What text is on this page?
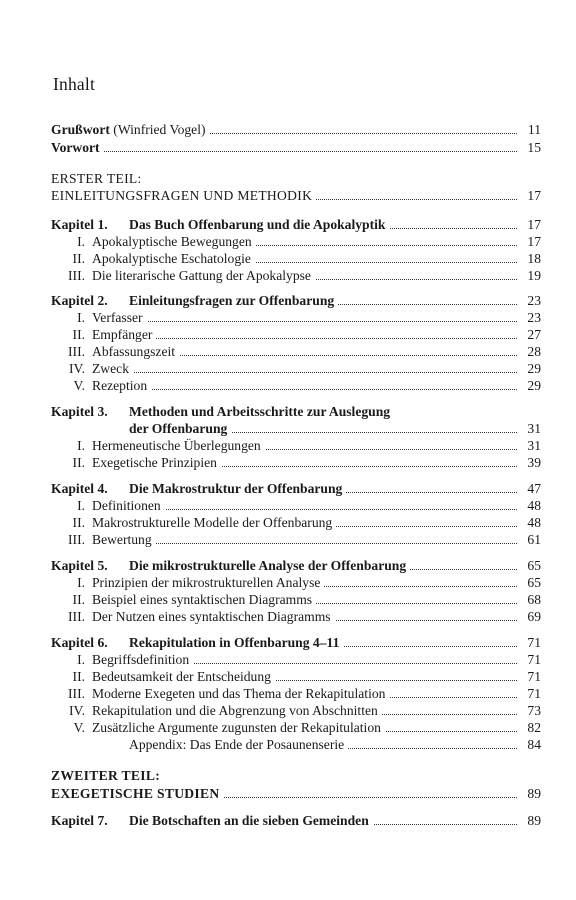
Inhalt
Grußwort (Winfried Vogel)	11
Vorwort	15
ERSTER TEIL:
EINLEITUNGSFRAGEN UND METHODIK	17
Kapitel 1. Das Buch Offenbarung und die Apokalyptik	17
I. Apokalyptische Bewegungen	17
II. Apokalyptische Eschatologie	18
III. Die literarische Gattung der Apokalypse	19
Kapitel 2. Einleitungsfragen zur Offenbarung	23
I. Verfasser	23
II. Empfänger	27
III. Abfassungszeit	28
IV. Zweck	29
V. Rezeption	29
Kapitel 3. Methoden und Arbeitsschritte zur Auslegung
der Offenbarung	31
I. Hermeneutische Überlegungen	31
II. Exegetische Prinzipien	39
Kapitel 4. Die Makrostruktur der Offenbarung	47
I. Definitionen	48
II. Makrostrukturelle Modelle der Offenbarung	48
III. Bewertung	61
Kapitel 5. Die mikrostrukturelle Analyse der Offenbarung	65
I. Prinzipien der mikrostrukturellen Analyse	65
II. Beispiel eines syntaktischen Diagramms	68
III. Der Nutzen eines syntaktischen Diagramms	69
Kapitel 6. Rekapitulation in Offenbarung 4–11	71
I. Begriffsdefinition	71
II. Bedeutsamkeit der Entscheidung	71
III. Moderne Exegeten und das Thema der Rekapitulation	71
IV. Rekapitulation und die Abgrenzung von Abschnitten	73
V. Zusätzliche Argumente zugunsten der Rekapitulation	82
Appendix: Das Ende der Posaunenserie	84
ZWEITER TEIL:
EXEGETISCHE STUDIEN	89
Kapitel 7. Die Botschaften an die sieben Gemeinden	89
